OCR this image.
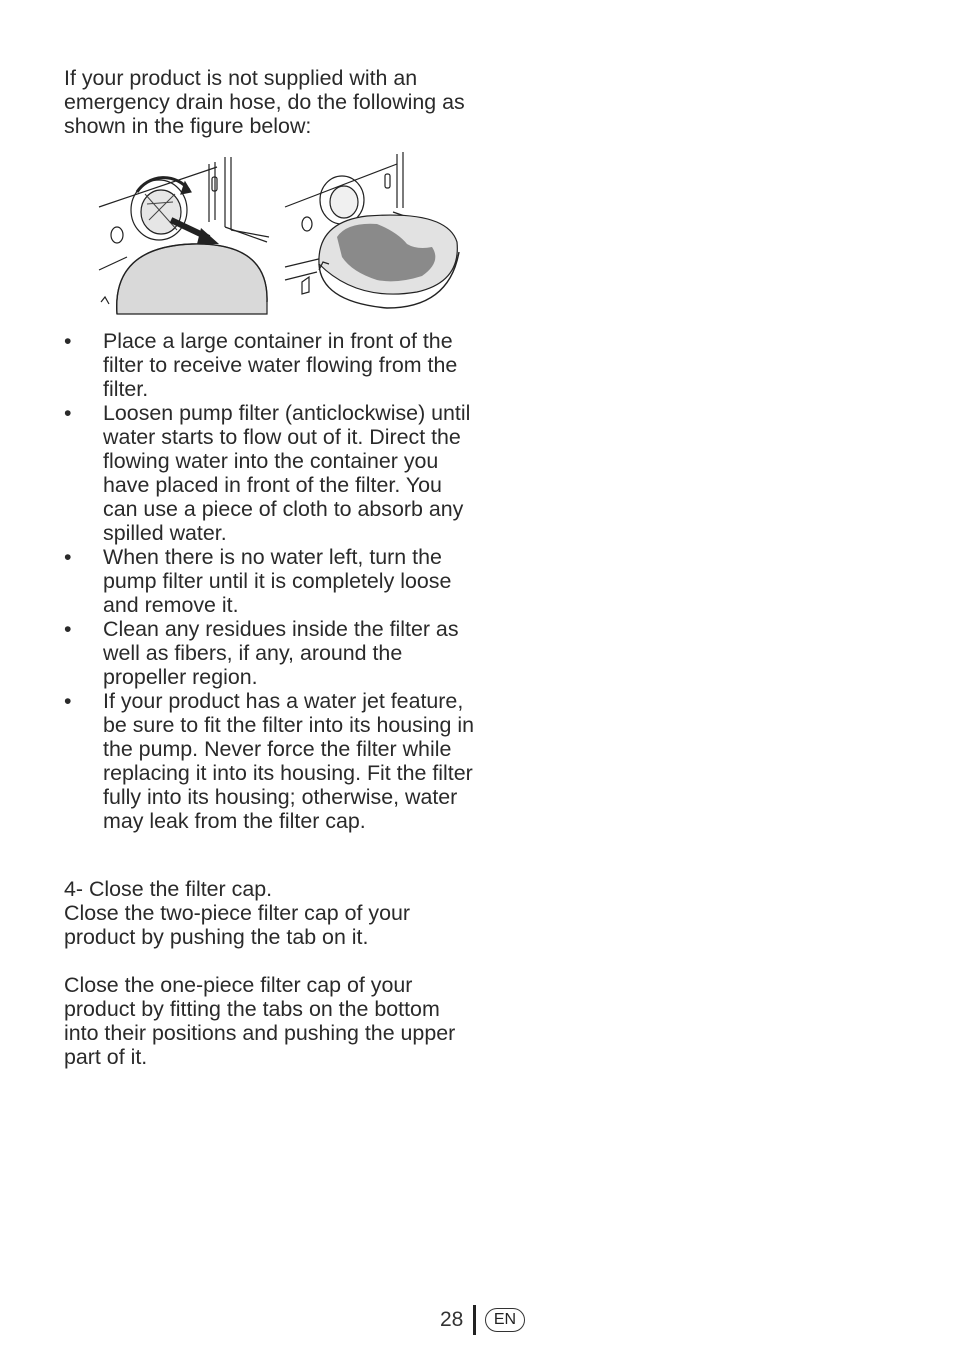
If your product is not supplied with an emergency drain hose, do the following as shown in the figure below:

• Place a large container in front of the filter to receive water flowing from the filter.
• Loosen pump filter (anticlockwise) until water starts to flow out of it. Direct the flowing water into the container you have placed in front of the filter. You can use a piece of cloth to absorb any spilled water.
• When there is no water left, turn the pump filter until it is completely loose and remove it.
• Clean any residues inside the filter as well as fibers, if any, around the propeller region.
• If your product has a water jet feature, be sure to fit the filter into its housing in the pump. Never force the filter while replacing it into its housing. Fit the filter fully into its housing; otherwise, water may leak from the filter cap.

4- Close the filter cap.

Close the two-piece filter cap of your product by pushing the tab on it.

Close the one-piece filter cap of your product by fitting the tabs on the bottom into their positions and pushing the upper part of it.

28	EN
